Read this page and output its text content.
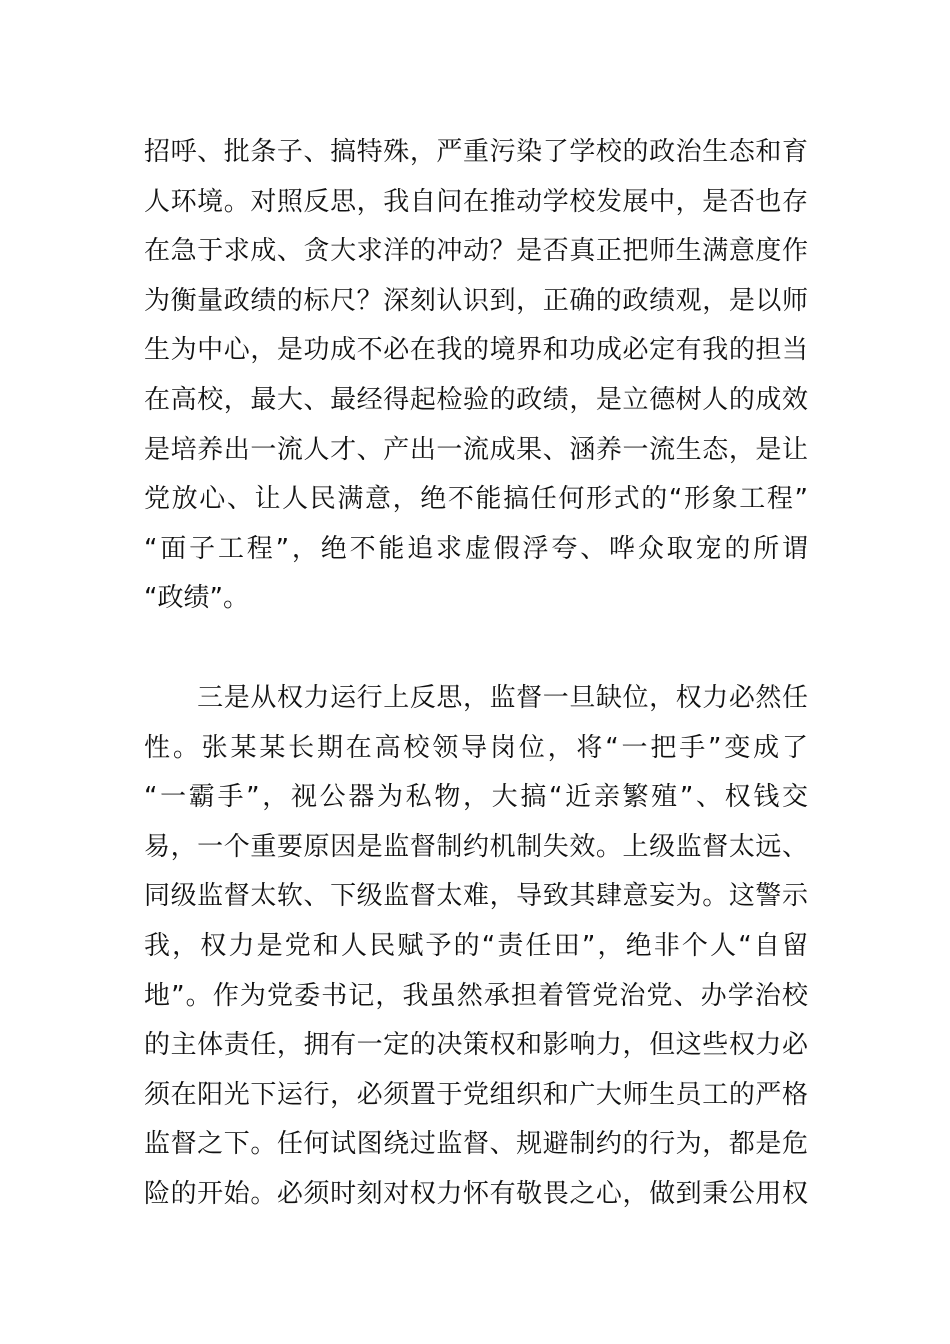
招呼、批条子、搞特殊，严重污染了学校的政治生态和育
人环境。对照反思，我自问在推动学校发展中，是否也存
在急于求成、贪大求洋的冲动？是否真正把师生满意度作
为衡量政绩的标尺？深刻认识到，正确的政绩观，是以师
生为中心，是功成不必在我的境界和功成必定有我的担当
在高校，最大、最经得起检验的政绩，是立德树人的成效
是培养出一流人才、产出一流成果、涵养一流生态，是让
党放心、让人民满意，绝不能搞任何形式的“形象工程”
“面子工程”，绝不能追求虚假浮夸、哗众取宠的所谓
“政绩”。
　　三是从权力运行上反思，监督一旦缺位，权力必然任
性。张某某长期在高校领导岗位，将“一把手”变成了
“一霸手”，视公器为私物，大搞“近亲繁殖”、权钱交
易，一个重要原因是监督制约机制失效。上级监督太远、
同级监督太软、下级监督太难，导致其肆意妄为。这警示
我，权力是党和人民赋予的“责任田”，绝非个人“自留
地”。作为党委书记，我虽然承担着管党治党、办学治校
的主体责任，拥有一定的决策权和影响力，但这些权力必
须在阳光下运行，必须置于党组织和广大师生员工的严格
监督之下。任何试图绕过监督、规避制约的行为，都是危
险的开始。必须时刻对权力怀有敬畏之心，做到秉公用权
